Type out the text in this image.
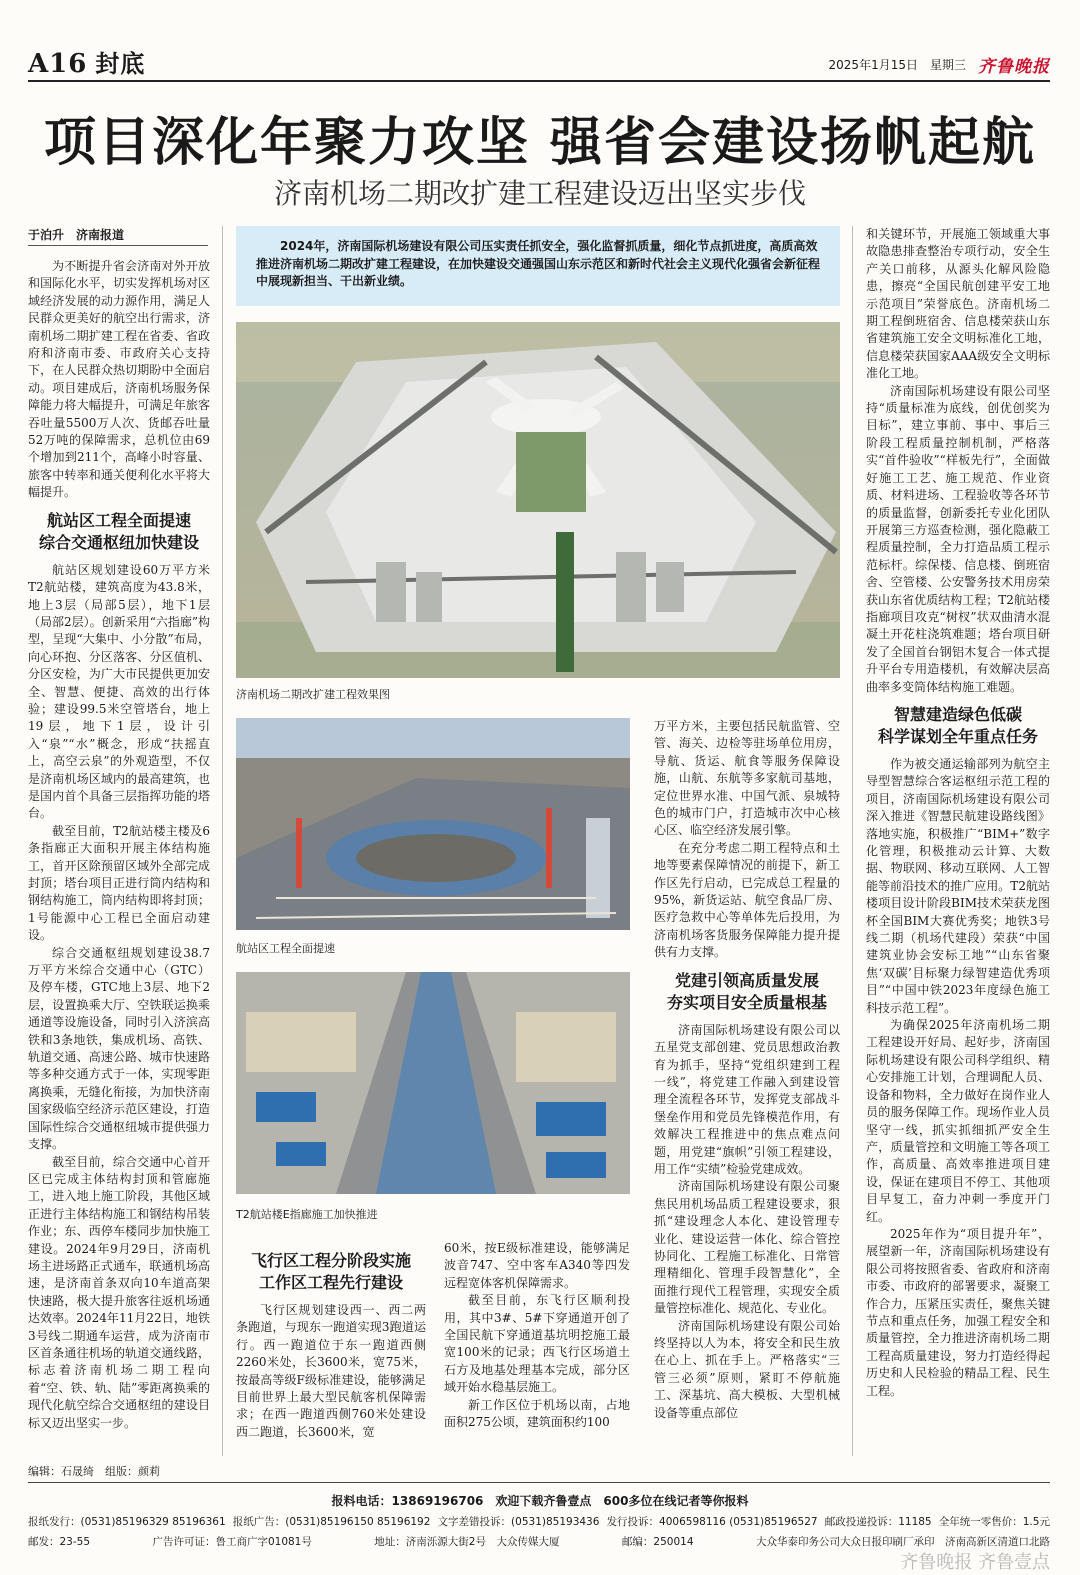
A16 封底	2025年1月15日 星期三 齐鲁晚报
项目深化年聚力攻坚 强省会建设扬帆起航
济南机场二期改扩建工程建设迈出坚实步伐
于泊升　济南报道

为不断提升省会济南对外开放和国际化水平，切实发挥机场对区域经济发展的动力源作用，满足人民群众更美好的航空出行需求，济南机场二期扩建工程在省委、省政府和济南市委、市政府关心支持下，在人民群众热切期盼中全面启动。项目建成后，济南机场服务保障能力将大幅提升，可满足年旅客吞吐量5500万人次、货邮吞吐量52万吨的保障需求，总机位由69个增加到211个，高峰小时容量、旅客中转率和通关便利化水平将大幅提升。

航站区工程全面提速
综合交通枢纽加快建设

航站区规划建设60万平方米T2航站楼，建筑高度为43.8米，地上3层（局部5层），地下1层（局部2层）。创新采用“六指廊”构型，呈现“大集中、小分散”布局，向心环抱、分区落客、分区值机、分区安检，为广大市民提供更加安全、智慧、便捷、高效的出行体验；建设99.5米空管塔台，地上19层，地下1层，设计引入“泉”“水”概念，形成“扶摇直上，高空云泉”的外观造型，不仅是济南机场区域内的最高建筑，也是国内首个具备三层指挥功能的塔台。

截至目前，T2航站楼主楼及6条指廊正大面积开展主体结构施工，首开区除预留区域外全部完成封顶；塔台项目正进行筒内结构和钢结构施工，筒内结构即将封顶；1号能源中心工程已全面启动建设。

综合交通枢纽规划建设38.7万平方米综合交通中心（GTC）及停车楼，GTC地上3层、地下2层，设置换乘大厅、空铁联运换乘通道等设施设备，同时引入济滨高铁和3条地铁，集成机场、高铁、轨道交通、高速公路、城市快速路等多种交通方式于一体，实现零距离换乘，无缝化衔接，为加快济南国家级临空经济示范区建设，打造国际性综合交通枢纽城市提供强力支撑。

截至目前，综合交通中心首开区已完成主体结构封顶和管廊施工，进入地上施工阶段，其他区域正进行主体结构施工和钢结构吊装作业；东、西停车楼同步加快施工建设。2024年9月29日，济南机场主进场路正式通车，联通机场高速，是济南首条双向10车道高架快速路，极大提升旅客往返机场通达效率。2024年11月22日，地铁3号线二期通车运营，成为济南市区首条通往机场的轨道交通线路，标志着济南机场二期工程向着“空、铁、轨、陆”零距离换乘的现代化航空综合交通枢纽的建设目标又迈出坚实一步。

2024年，济南国际机场建设有限公司压实责任抓安全，强化监督抓质量，细化节点抓进度，高质高效推进济南机场二期改扩建工程建设，在加快建设交通强国山东示范区和新时代社会主义现代化强省会新征程中展现新担当、干出新业绩。
济南机场二期改扩建工程效果图
航站区工程全面提速
T2航站楼E指廊施工加快推进
飞行区工程分阶段实施
工作区工程先行建设

飞行区规划建设西一、西二两条跑道，与现东一跑道实现3跑道运行。西一跑道位于东一跑道西侧2260米处，长3600米，宽75米，按最高等级F级标准建设，能够满足目前世界上最大型民航客机保障需求；在西一跑道西侧760米处建设西二跑道，长3600米，宽

60米，按E级标准建设，能够满足波音747、空中客车A340等四发远程宽体客机保障需求。

截至目前，东飞行区顺利投用，其中3#、5#下穿通道开创了全国民航下穿通道基坑明挖施工最宽100米的记录；西飞行区场道土石方及地基处理基本完成，部分区域开始水稳基层施工。

新工作区位于机场以南，占地面积275公顷，建筑面积约100

万平方米，主要包括民航监管、空管、海关、边检等驻场单位用房，导航、货运、航食等服务保障设施，山航、东航等多家航司基地，定位世界水准、中国气派、泉城特色的城市门户，打造城市次中心核心区、临空经济发展引擎。

在充分考虑二期工程特点和土地等要素保障情况的前提下，新工作区先行启动，已完成总工程量的95%，新货运站、航空食品厂房、医疗急救中心等单体先后投用，为济南机场客货服务保障能力提升提供有力支撑。

党建引领高质量发展
夯实项目安全质量根基

济南国际机场建设有限公司以五星党支部创建、党员思想政治教育为抓手，坚持“党组织建到工程一线”，将党建工作融入到建设管理全流程各环节，发挥党支部战斗堡垒作用和党员先锋模范作用，有效解决工程推进中的焦点难点问题，用党建“旗帜”引领工程建设，用工作“实绩”检验党建成效。

济南国际机场建设有限公司聚焦民用机场品质工程建设要求，狠抓“建设理念人本化、建设管理专业化、建设运营一体化、综合管控协同化、工程施工标准化、日常管理精细化、管理手段智慧化”，全面推行现代工程管理，实现安全质量管控标准化、规范化、专业化。

济南国际机场建设有限公司始终坚持以人为本，将安全和民生放在心上、抓在手上。严格落实“三管三必须”原则，紧盯不停航施工、深基坑、高大模板、大型机械设备等重点部位

和关键环节，开展施工领域重大事故隐患排查整治专项行动，安全生产关口前移，从源头化解风险隐患，擦亮“全国民航创建平安工地示范项目”荣誉底色。济南机场二期工程倒班宿舍、信息楼荣获山东省建筑施工安全文明标准化工地，信息楼荣获国家AAA级安全文明标准化工地。

济南国际机场建设有限公司坚持“质量标准为底线，创优创奖为目标”，建立事前、事中、事后三阶段工程质量控制机制，严格落实“首件验收”“样板先行”，全面做好施工工艺、施工规范、作业资质、材料进场、工程验收等各环节的质量监督，创新委托专业化团队开展第三方巡查检测，强化隐蔽工程质量控制，全力打造品质工程示范标杆。综保楼、信息楼、倒班宿舍、空管楼、公安警务技术用房荣获山东省优质结构工程；T2航站楼指廊项目攻克“树杈”状双曲清水混凝土开花柱浇筑难题；塔台项目研发了全国首台钢铝木复合一体式提升平台专用造楼机，有效解决层高曲率多变筒体结构施工难题。

智慧建造绿色低碳
科学谋划全年重点任务

作为被交通运输部列为航空主导型智慧综合客运枢纽示范工程的项目，济南国际机场建设有限公司深入推进《智慧民航建设路线图》落地实施，积极推广“BIM+”数字化管理，积极推动云计算、大数据、物联网、移动互联网、人工智能等前沿技术的推广应用。T2航站楼项目设计阶段BIM技术荣获龙图杯全国BIM大赛优秀奖；地铁3号线二期（机场代建段）荣获“中国建筑业协会安标工地”“山东省聚焦‘双碳’目标聚力绿智建造优秀项目”“中国中铁2023年度绿色施工科技示范工程”。

为确保2025年济南机场二期工程建设开好局、起好步，济南国际机场建设有限公司科学组织、精心安排施工计划，合理调配人员、设备和物料，全力做好在岗作业人员的服务保障工作。现场作业人员坚守一线，抓实抓细抓严安全生产，质量管控和文明施工等各项工作，高质量、高效率推进项目建设，保证在建项目不停工、其他项目早复工，奋力冲刺一季度开门红。

2025年作为“项目提升年”，展望新一年，济南国际机场建设有限公司将按照省委、省政府和济南市委、市政府的部署要求，凝聚工作合力，压紧压实责任，聚焦关键节点和重点任务，加强工程安全和质量管控，全力推进济南机场二期工程高质量建设，努力打造经得起历史和人民检验的精品工程、民生工程。

编辑：石晟绮　组版：颜莉
报料电话：13869196706　欢迎下载齐鲁壹点　600多位在线记者等你报料
报纸发行：(0531)85196329 85196361 报纸广告：(0531)85196150 85196192 文字差错投诉：(0531)85193436 发行投诉：4006598116 (0531)85196527 邮政投递投诉：11185 全年统一零售价：1.5元
邮发：23-55	广告许可证：鲁工商广字01081号	地址：济南泺源大街2号　大众传媒大厦	邮编：250014	大众华泰印务公司大众日报印刷厂承印　济南高新区清道口北路
齐鲁晚报 齐鲁壹点
